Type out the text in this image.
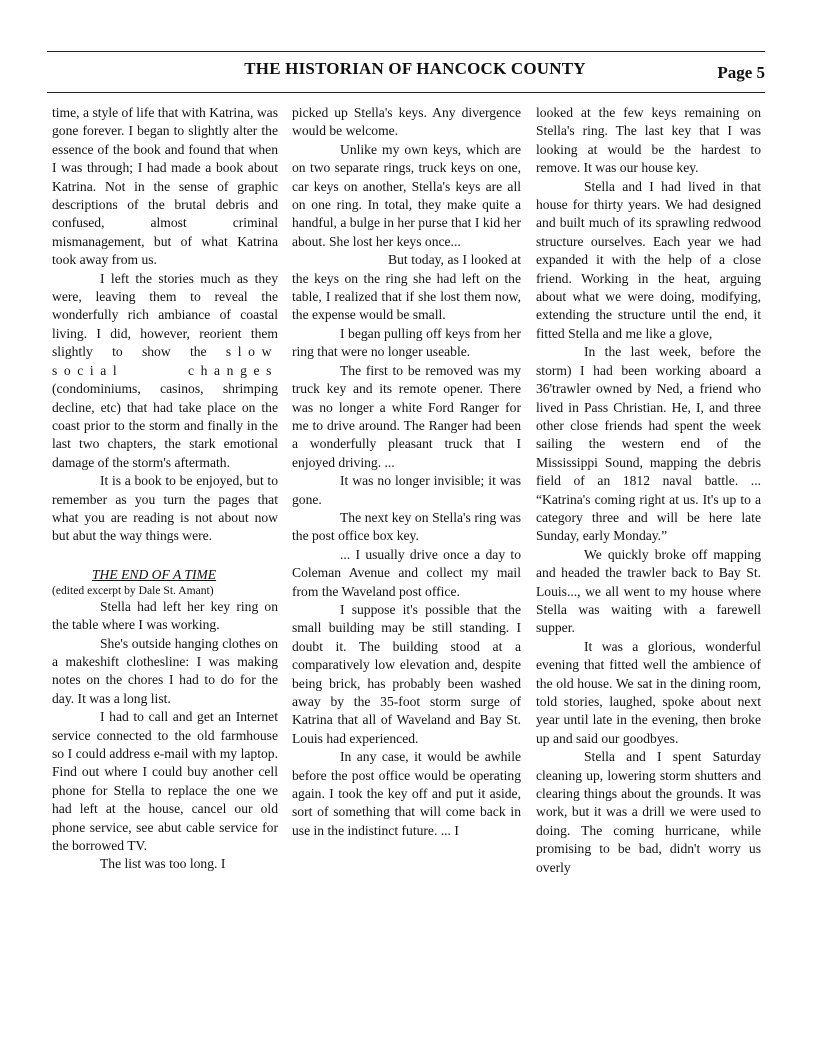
THE HISTORIAN OF HANCOCK COUNTY	Page 5

time, a style of life that with Katrina, was gone forever. I began to slightly alter the essence of the book and found that when I was through; I had made a book about Katrina. Not in the sense of graphic descriptions of the brutal debris and confused, almost criminal mismanagement, but of what Katrina took away from us.

I left the stories much as they were, leaving them to reveal the wonderfully rich ambiance of coastal living. I did, however, reorient them slightly to show the slow social changes (condominiums, casinos, shrimping decline, etc) that had take place on the coast prior to the storm and finally in the last two chapters, the stark emotional damage of the storm's aftermath.

It is a book to be enjoyed, but to remember as you turn the pages that what you are reading is not about now but abut the way things were.

THE END OF A TIME

(edited excerpt by Dale St. Amant)

Stella had left her key ring on the table where I was working.

She's outside hanging clothes on a makeshift clothesline: I was making notes on the chores I had to do for the day. It was a long list.

I had to call and get an Internet service connected to the old farmhouse so I could address e-mail with my laptop. Find out where I could buy another cell phone for Stella to replace the one we had left at the house, cancel our old phone service, see abut cable service for the borrowed TV.

The list was too long. I

picked up Stella's keys. Any divergence would be welcome.

Unlike my own keys, which are on two separate rings, truck keys on one, car keys on another, Stella's keys are all on one ring. In total, they make quite a handful, a bulge in her purse that I kid her about. She lost her keys once...

But today, as I looked at the keys on the ring she had left on the table, I realized that if she lost them now, the expense would be small.

I began pulling off keys from her ring that were no longer useable.

The first to be removed was my truck key and its remote opener. There was no longer a white Ford Ranger for me to drive around. The Ranger had been a wonderfully pleasant truck that I enjoyed driving. ...

It was no longer invisible; it was gone.

The next key on Stella's ring was the post office box key.

... I usually drive once a day to Coleman Avenue and collect my mail from the Waveland post office.

I suppose it's possible that the small building may be still standing. I doubt it. The building stood at a comparatively low elevation and, despite being brick, has probably been washed away by the 35-foot storm surge of Katrina that all of Waveland and Bay St. Louis had experienced.

In any case, it would be awhile before the post office would be operating again. I took the key off and put it aside, sort of something that will come back in use in the indistinct future. ... I

looked at the few keys remaining on Stella's ring. The last key that I was looking at would be the hardest to remove. It was our house key.

Stella and I had lived in that house for thirty years. We had designed and built much of its sprawling redwood structure ourselves. Each year we had expanded it with the help of a close friend. Working in the heat, arguing about what we were doing, modifying, extending the structure until the end, it fitted Stella and me like a glove,

In the last week, before the storm) I had been working aboard a 36'trawler owned by Ned, a friend who lived in Pass Christian. He, I, and three other close friends had spent the week sailing the western end of the Mississippi Sound, mapping the debris field of an 1812 naval battle. ... “Katrina's coming right at us. It's up to a category three and will be here late Sunday, early Monday.”

We quickly broke off mapping and headed the trawler back to Bay St. Louis..., we all went to my house where Stella was waiting with a farewell supper.

It was a glorious, wonderful evening that fitted well the ambience of the old house. We sat in the dining room, told stories, laughed, spoke about next year until late in the evening, then broke up and said our goodbyes.

Stella and I spent Saturday cleaning up, lowering storm shutters and clearing things about the grounds. It was work, but it was a drill we were used to doing. The coming hurricane, while promising to be bad, didn't worry us overly
